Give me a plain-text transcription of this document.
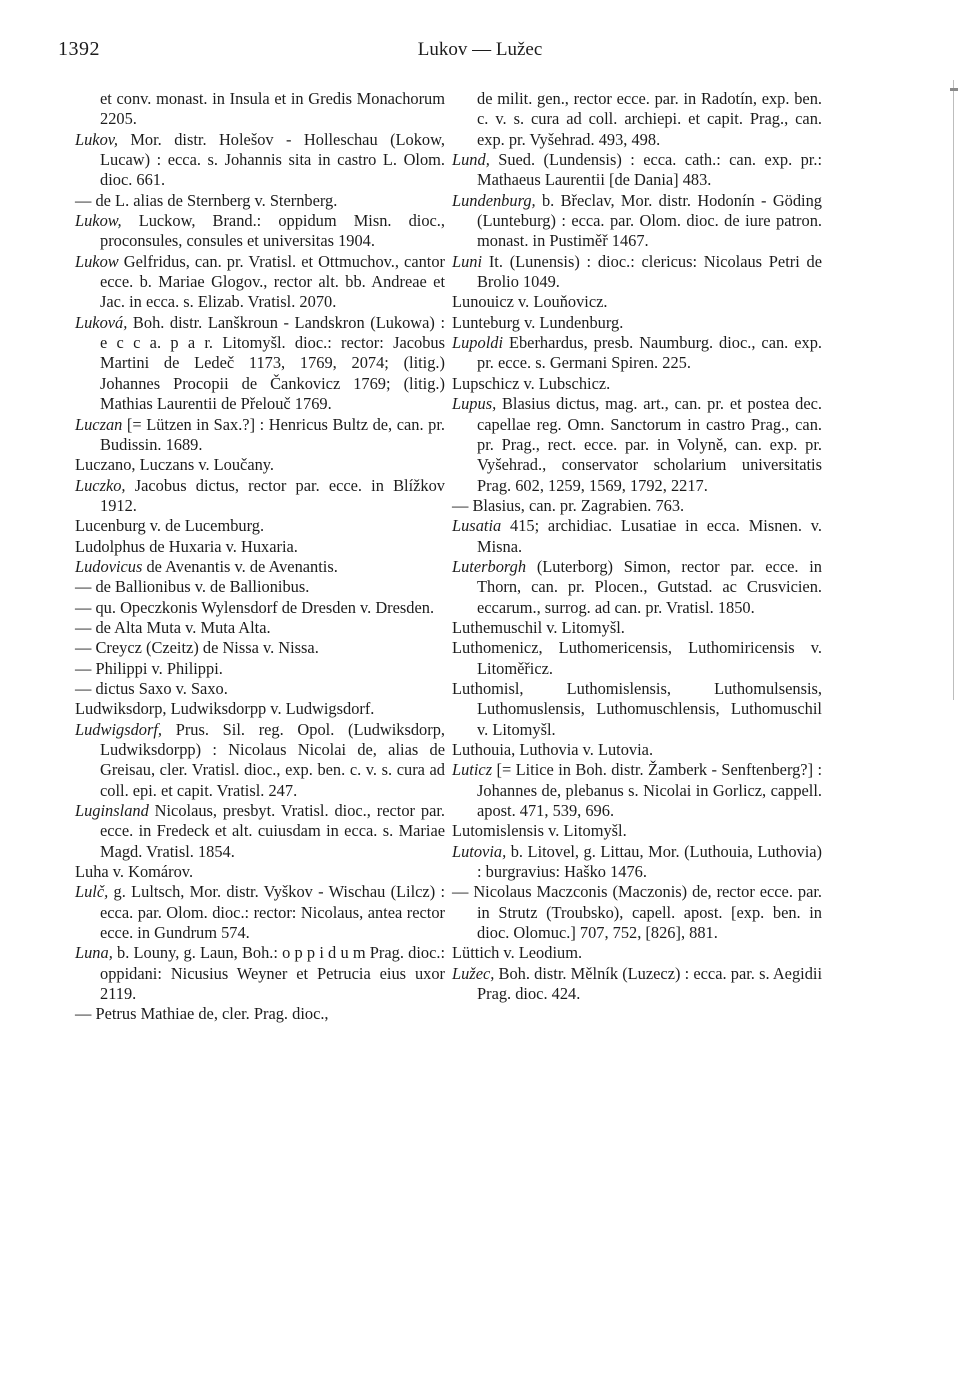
1392	Lukov — Lužec
et conv. monast. in Insula et in Gredis Monachorum 2205.
Lukov, Mor. distr. Holešov - Holleschau (Lokow, Lucaw) : ecca. s. Johannis sita in castro L. Olom. dioc. 661.
— de L. alias de Sternberg v. Sternberg.
Lukow, Luckow, Brand.: oppidum Misn. dioc., proconsules, consules et universitas 1904.
Lukow Gelfridus, can. pr. Vratisl. et Ottmuchov., cantor ecce. b. Mariae Glogov., rector alt. bb. Andreae et Jac. in ecca. s. Elizab. Vratisl. 2070.
Luková, Boh. distr. Lanškroun - Landskron (Lukowa) : e c c a. p a r. Litomyšl. dioc.: rector: Jacobus Martini de Ledeč 1173, 1769, 2074; (litig.) Johannes Procopii de Čankovicz 1769; (litig.) Mathias Laurentii de Přelouč 1769.
Luczan [= Lützen in Sax.?] : Henricus Bultz de, can. pr. Budissin. 1689.
Luczano, Luczans v. Loučany.
Luczko, Jacobus dictus, rector par. ecce. in Blížkov 1912.
Lucenburg v. de Lucemburg.
Ludolphus de Huxaria v. Huxaria.
Ludovicus de Avenantis v. de Avenantis.
— de Ballionibus v. de Ballionibus.
— qu. Opeczkonis Wylensdorf de Dresden v. Dresden.
— de Alta Muta v. Muta Alta.
— Creycz (Czeitz) de Nissa v. Nissa.
— Philippi v. Philippi.
— dictus Saxo v. Saxo.
Ludwiksdorp, Ludwiksdorpp v. Ludwigsdorf.
Ludwigsdorf, Prus. Sil. reg. Opol. (Ludwiksdorp, Ludwiksdorpp) : Nicolaus Nicolai de, alias de Greisau, cler. Vratisl. dioc., exp. ben. c. v. s. cura ad coll. epi. et capit. Vratisl. 247.
Luginsland Nicolaus, presbyt. Vratisl. dioc., rector par. ecce. in Fredeck et alt. cuiusdam in ecca. s. Mariae Magd. Vratisl. 1854.
Luha v. Komárov.
Lulč, g. Lultsch, Mor. distr. Vyškov - Wischau (Lilcz) : ecca. par. Olom. dioc.: rector: Nicolaus, antea rector ecce. in Gundrum 574.
Luna, b. Louny, g. Laun, Boh.: o p p i d u m Prag. dioc.: oppidani: Nicusius Weyner et Petrucia eius uxor 2119.
— Petrus Mathiae de, cler. Prag. dioc.,
de milit. gen., rector ecce. par. in Radotín, exp. ben. c. v. s. cura ad coll. archiepi. et capit. Prag., can. exp. pr. Vyšehrad. 493, 498.
Lund, Sued. (Lundensis) : ecca. cath.: can. exp. pr.: Mathaeus Laurentii [de Dania] 483.
Lundenburg, b. Břeclav, Mor. distr. Hodonín - Göding (Lunteburg) : ecca. par. Olom. dioc. de iure patron. monast. in Pustiměř 1467.
Luni It. (Lunensis) : dioc.: clericus: Nicolaus Petri de Brolio 1049.
Lunouicz v. Louňovicz.
Lunteburg v. Lundenburg.
Lupoldi Eberhardus, presb. Naumburg. dioc., can. exp. pr. ecce. s. Germani Spiren. 225.
Lupschicz v. Lubschicz.
Lupus, Blasius dictus, mag. art., can. pr. et postea dec. capellae reg. Omn. Sanctorum in castro Prag., can. pr. Prag., rect. ecce. par. in Volyně, can. exp. pr. Vyšehrad., conservator scholarium universitatis Prag. 602, 1259, 1569, 1792, 2217.
— Blasius, can. pr. Zagrabien. 763.
Lusatia 415; archidiac. Lusatiae in ecca. Misnen. v. Misna.
Luterborgh (Luterborg) Simon, rector par. ecce. in Thorn, can. pr. Plocen., Gutstad. ac Crusvicien. eccarum., surrog. ad can. pr. Vratisl. 1850.
Luthemuschil v. Litomyšl.
Luthomenicz, Luthomericensis, Luthomiricensis v. Litoměřicz.
Luthomisl, Luthomislensis, Luthomulsensis, Luthomuslensis, Luthomuschlensis, Luthomuschil v. Litomyšl.
Luthouia, Luthovia v. Lutovia.
Luticz [= Litice in Boh. distr. Žamberk - Senftenberg?] : Johannes de, plebanus s. Nicolai in Gorlicz, cappell. apost. 471, 539, 696.
Lutomislensis v. Litomyšl.
Lutovia, b. Litovel, g. Littau, Mor. (Luthouia, Luthovia) : burgravius: Haško 1476.
— Nicolaus Maczconis (Maczonis) de, rector ecce. par. in Strutz (Troubsko), capell. apost. [exp. ben. in dioc. Olomuc.] 707, 752, [826], 881.
Lüttich v. Leodium.
Lužec, Boh. distr. Mělník (Luzecz) : ecca. par. s. Aegidii Prag. dioc. 424.
